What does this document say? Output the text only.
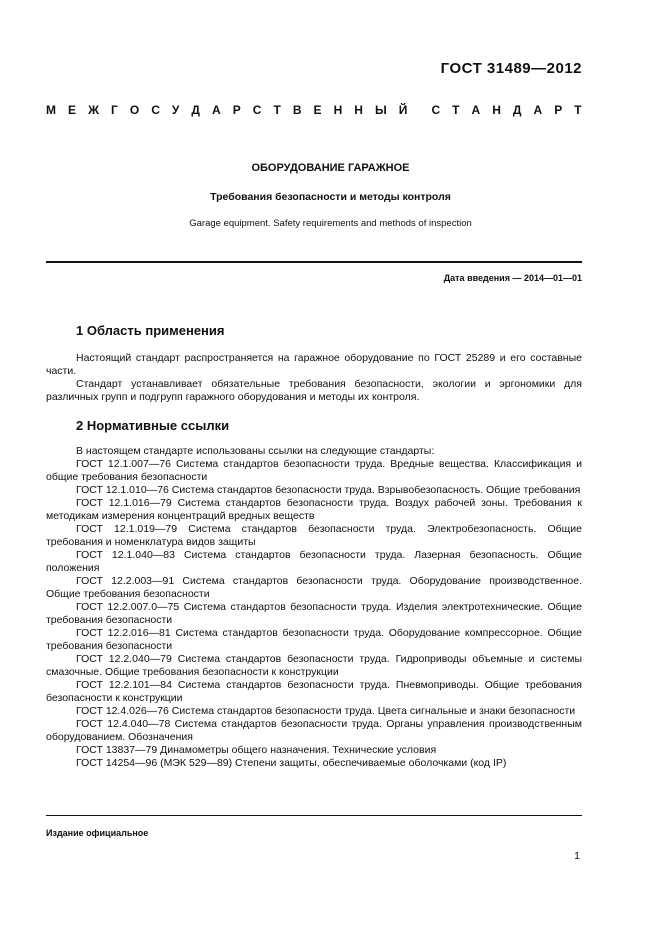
ГОСТ 31489—2012
М Е Ж Г О С У Д А Р С Т В Е Н Н Ы Й С Т А Н Д А Р Т
ОБОРУДОВАНИЕ ГАРАЖНОЕ
Требования безопасности и методы контроля
Garage equipment. Safety requirements and methods of inspection
Дата введения — 2014—01—01
1 Область применения

Настоящий стандарт распространяется на гаражное оборудование по ГОСТ 25289 и его составные части.

Стандарт устанавливает обязательные требования безопасности, экологии и эргономики для различных групп и подгрупп гаражного оборудования и методы их контроля.

2 Нормативные ссылки

В настоящем стандарте использованы ссылки на следующие стандарты:

ГОСТ 12.1.007—76 Система стандартов безопасности труда. Вредные вещества. Классификация и общие требования безопасности

ГОСТ 12.1.010—76 Система стандартов безопасности труда. Взрывобезопасность. Общие требования

ГОСТ 12.1.016—79 Система стандартов безопасности труда. Воздух рабочей зоны. Требования к методикам измерения концентраций вредных веществ

ГОСТ 12.1.019—79 Система стандартов безопасности труда. Электробезопасность. Общие требования и номенклатура видов защиты

ГОСТ 12.1.040—83 Система стандартов безопасности труда. Лазерная безопасность. Общие положения

ГОСТ 12.2.003—91 Система стандартов безопасности труда. Оборудование производственное. Общие требования безопасности

ГОСТ 12.2.007.0—75 Система стандартов безопасности труда. Изделия электротехнические. Общие требования безопасности

ГОСТ 12.2.016—81 Система стандартов безопасности труда. Оборудование компрессорное. Общие требования безопасности

ГОСТ 12.2.040—79 Система стандартов безопасности труда. Гидроприводы объемные и системы смазочные. Общие требования безопасности к конструкции

ГОСТ 12.2.101—84 Система стандартов безопасности труда. Пневмоприводы. Общие требования безопасности к конструкции

ГОСТ 12.4.026—76 Система стандартов безопасности труда. Цвета сигнальные и знаки безопасности

ГОСТ 12.4.040—78 Система стандартов безопасности труда. Органы управления производственным оборудованием. Обозначения

ГОСТ 13837—79 Динамометры общего назначения. Технические условия

ГОСТ 14254—96 (МЭК 529—89) Степени защиты, обеспечиваемые оболочками (код IP)

Издание официальное
1
